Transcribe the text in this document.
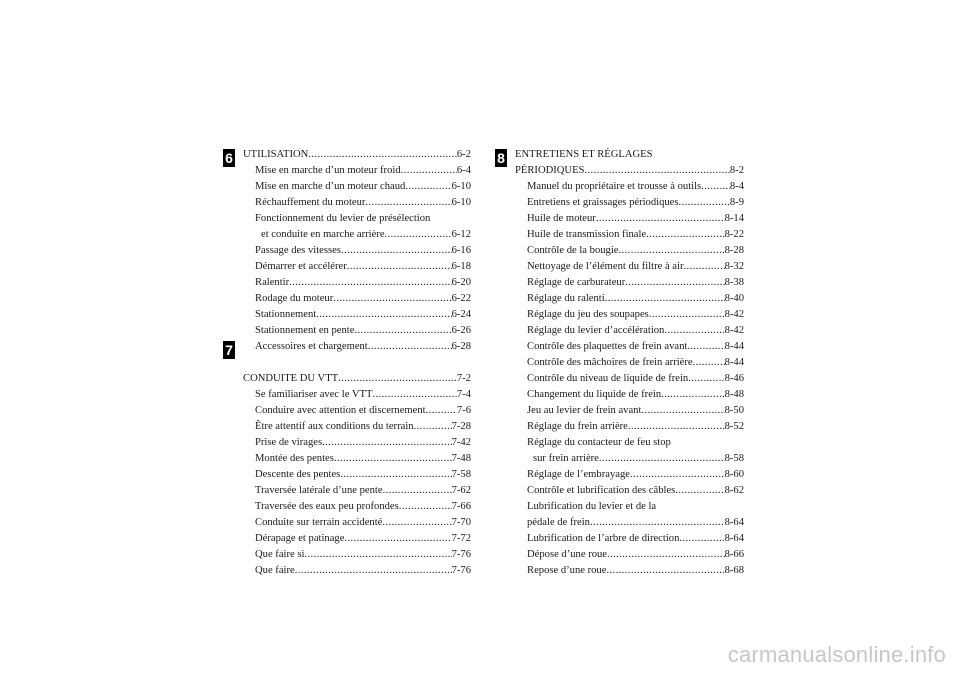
6
7
8
UTILISATION .....	6-2
Mise en marche d’un moteur froid .....	6-4
Mise en marche d’un moteur chaud .....	6-10
Réchauffement du moteur .....	6-10
Fonctionnement du levier de présélection
et conduite en marche arrière .....	6-12
Passage des vitesses .....	6-16
Démarrer et accélérer .....	6-18
Ralentir .....	6-20
Rodage du moteur .....	6-22
Stationnement .....	6-24
Stationnement en pente .....	6-26
Accessoires et chargement .....	6-28
CONDUITE DU VTT .....	7-2
Se familiariser avec le VTT .....	7-4
Conduire avec attention et discernement .....	7-6
Être attentif aux conditions du terrain .....	7-28
Prise de virages .....	7-42
Montée des pentes .....	7-48
Descente des pentes .....	7-58
Traversée latérale d’une pente .....	7-62
Traversée des eaux peu profondes .....	7-66
Conduite sur terrain accidenté .....	7-70
Dérapage et patinage .....	7-72
Que faire si .....	7-76
Que faire .....	7-76
ENTRETIENS ET RÉGLAGES
PÉRIODIQUES .....	8-2
Manuel du propriétaire et trousse à outils .....	8-4
Entretiens et graissages périodiques .....	8-9
Huile de moteur .....	8-14
Huile de transmission finale .....	8-22
Contrôle de la bougie .....	8-28
Nettoyage de l’élément du filtre à air .....	8-32
Réglage de carburateur .....	8-38
Réglage du ralenti .....	8-40
Réglage du jeu des soupapes .....	8-42
Réglage du levier d’accélération .....	8-42
Contrôle des plaquettes de frein avant .....	8-44
Contrôle des mâchoires de frein arrière .....	8-44
Contrôle du niveau de liquide de frein .....	8-46
Changement du liquide de frein .....	8-48
Jeu au levier de frein avant .....	8-50
Réglage du frein arrière .....	8-52
Réglage du contacteur de feu stop
sur frein arrière .....	8-58
Réglage de l’embrayage .....	8-60
Contrôle et lubrification des câbles .....	8-62
Lubrification du levier et de la
pédale de frein .....	8-64
Lubrification de l’arbre de direction .....	8-64
Dépose d’une roue .....	8-66
Repose d’une roue .....	8-68
carmanualsonline.info
